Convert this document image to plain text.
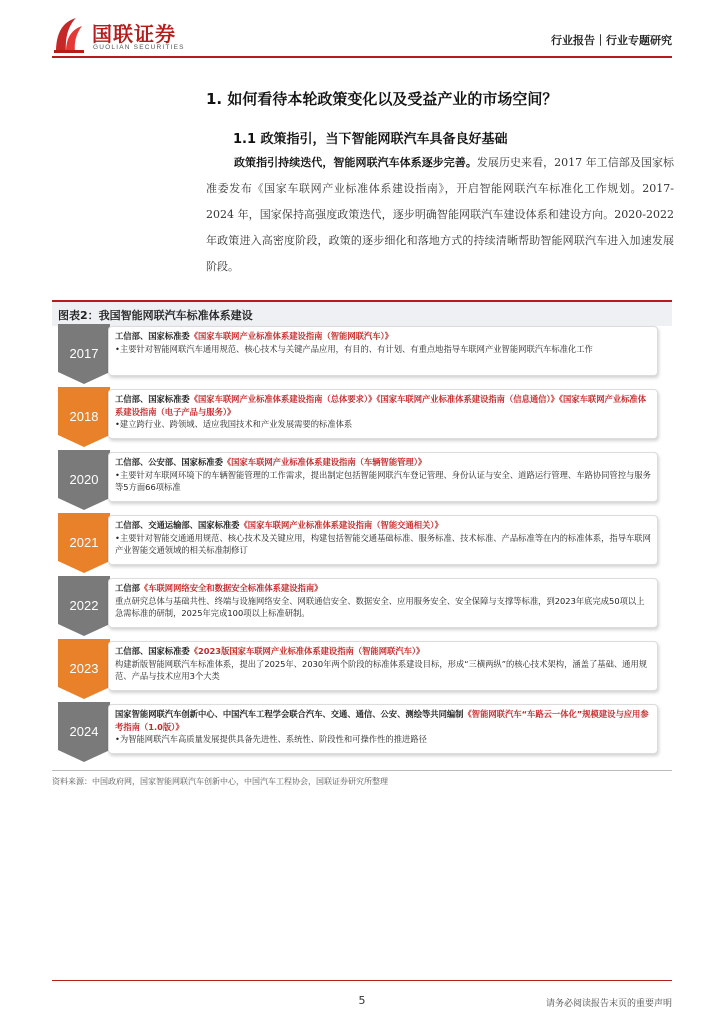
国联证券
GUOLIAN SECURITIES
行业报告｜行业专题研究
1. 如何看待本轮政策变化以及受益产业的市场空间？
1.1 政策指引，当下智能网联汽车具备良好基础

政策指引持续迭代，智能网联汽车体系逐步完善。发展历史来看，2017 年工信部及国家标准委发布《国家车联网产业标准体系建设指南》，开启智能网联汽车标准化工作规划。2017-2024 年，国家保持高强度政策迭代，逐步明确智能网联汽车建设体系和建设方向。2020-2022 年政策进入高密度阶段，政策的逐步细化和落地方式的持续清晰帮助智能网联汽车进入加速发展阶段。

图表2：我国智能网联汽车标准体系建设
2017
工信部、国家标准委《国家车联网产业标准体系建设指南（智能网联汽车）》
•主要针对智能网联汽车通用规范、核心技术与关键产品应用，有目的、有计划、有重点地指导车联网产业智能网联汽车标准化工作
2018
工信部、国家标准委《国家车联网产业标准体系建设指南（总体要求）》《国家车联网产业标准体系建设指南（信息通信）》《国家车联网产业标准体系建设指南（电子产品与服务）》
•建立跨行业、跨领域、适应我国技术和产业发展需要的标准体系
2020
工信部、公安部、国家标准委《国家车联网产业标准体系建设指南（车辆智能管理）》
•主要针对车联网环境下的车辆智能管理的工作需求，提出制定包括智能网联汽车登记管理、身份认证与安全、道路运行管理、车路协同管控与服务等5方面66项标准
2021
工信部、交通运输部、国家标准委《国家车联网产业标准体系建设指南（智能交通相关）》
•主要针对智能交通通用规范、核心技术及关键应用，构建包括智能交通基础标准、服务标准、技术标准、产品标准等在内的标准体系，指导车联网产业智能交通领域的相关标准制修订
2022
工信部《车联网网络安全和数据安全标准体系建设指南》
重点研究总体与基础共性、终端与设施网络安全、网联通信安全、数据安全、应用服务安全、安全保障与支撑等标准，到2023年底完成50项以上急需标准的研制，2025年完成100项以上标准研制。
2023
工信部、国家标准委《2023版国家车联网产业标准体系建设指南（智能网联汽车）》
构建新版智能网联汽车标准体系，提出了2025年、2030年两个阶段的标准体系建设目标，形成“三横两纵”的核心技术架构，涵盖了基础、通用规范、产品与技术应用3个大类
2024
国家智能网联汽车创新中心、中国汽车工程学会联合汽车、交通、通信、公安、测绘等共同编制《智能网联汽车“车路云一体化”规模建设与应用参考指南（1.0版）》
•为智能网联汽车高质量发展提供具备先进性、系统性、阶段性和可操作性的推进路径
资料来源：中国政府网，国家智能网联汽车创新中心，中国汽车工程协会，国联证券研究所整理
5	请务必阅读报告末页的重要声明
